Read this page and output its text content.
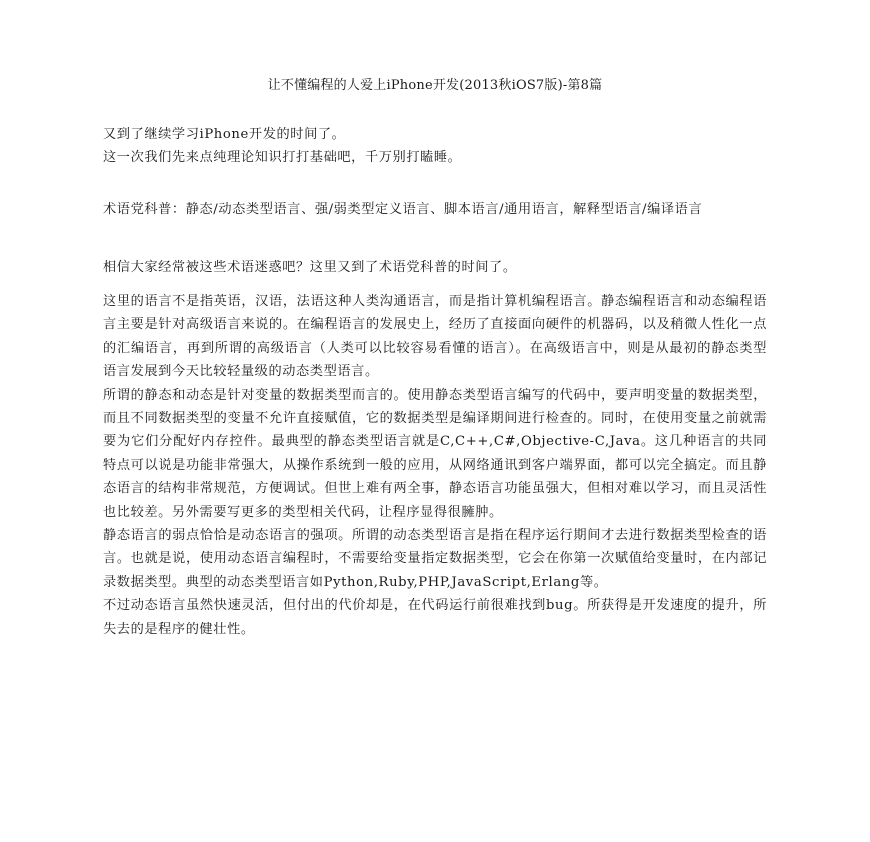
让不懂编程的人爱上iPhone开发(2013秋iOS7版)-第8篇

又到了继续学习iPhone开发的时间了。

这一次我们先来点纯理论知识打打基础吧，千万别打瞌睡。

术语党科普：静态/动态类型语言、强/弱类型定义语言、脚本语言/通用语言，解释型语言/编译语言

相信大家经常被这些术语迷惑吧？这里又到了术语党科普的时间了。

这里的语言不是指英语，汉语，法语这种人类沟通语言，而是指计算机编程语言。静态编程语言和动态编程语言主要是针对高级语言来说的。在编程语言的发展史上，经历了直接面向硬件的机器码，以及稍微人性化一点的汇编语言，再到所谓的高级语言（人类可以比较容易看懂的语言）。在高级语言中，则是从最初的静态类型语言发展到今天比较轻量级的动态类型语言。

所谓的静态和动态是针对变量的数据类型而言的。使用静态类型语言编写的代码中，要声明变量的数据类型，而且不同数据类型的变量不允许直接赋值，它的数据类型是编译期间进行检查的。同时，在使用变量之前就需要为它们分配好内存控件。最典型的静态类型语言就是C,C++,C#,Objective-C,Java。这几种语言的共同特点可以说是功能非常强大，从操作系统到一般的应用，从网络通讯到客户端界面，都可以完全搞定。而且静态语言的结构非常规范，方便调试。但世上难有两全事，静态语言功能虽强大，但相对难以学习，而且灵活性也比较差。另外需要写更多的类型相关代码，让程序显得很臃肿。

静态语言的弱点恰恰是动态语言的强项。所谓的动态类型语言是指在程序运行期间才去进行数据类型检查的语言。也就是说，使用动态语言编程时，不需要给变量指定数据类型，它会在你第一次赋值给变量时，在内部记录数据类型。典型的动态类型语言如Python,Ruby,PHP,JavaScript,Erlang等。

不过动态语言虽然快速灵活，但付出的代价却是，在代码运行前很难找到bug。所获得是开发速度的提升，所失去的是程序的健壮性。
